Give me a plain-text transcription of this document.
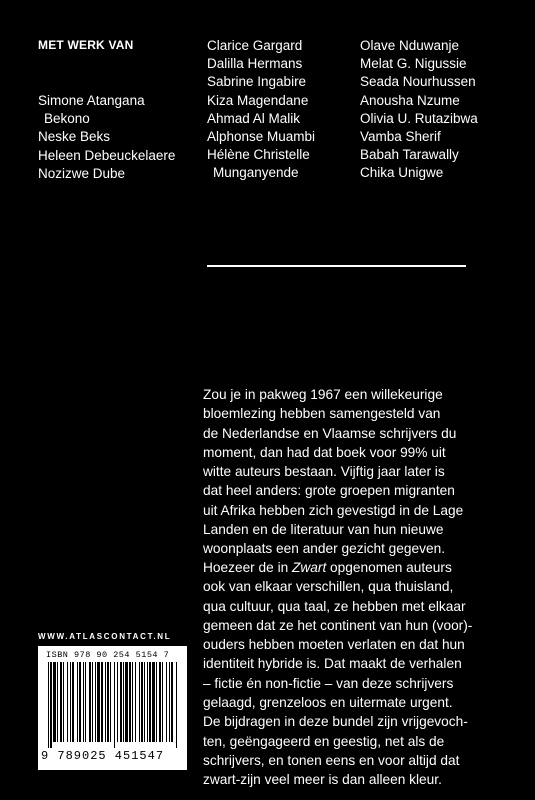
MET WERK VAN
Simone Atangana
Bekono
Neske Beks
Heleen Debeuckelaere
Nozizwe Dube
Clarice Gargard
Dalilla Hermans
Sabrine Ingabire
Kiza Magendane
Ahmad Al Malik
Alphonse Muambi
Hélène Christelle
Munganyende
Olave Nduwanje
Melat G. Nigussie
Seada Nourhussen
Anousha Nzume
Olivia U. Rutazibwa
Vamba Sherif
Babah Tarawally
Chika Unigwe
Zou je in pakweg 1967 een willekeurige
bloemlezing hebben samengesteld van
de Nederlandse en Vlaamse schrijvers du
moment, dan had dat boek voor 99% uit
witte auteurs bestaan. Vijftig jaar later is
dat heel anders: grote groepen migranten
uit Afrika hebben zich gevestigd in de Lage
Landen en de literatuur van hun nieuwe
woonplaats een ander gezicht gegeven.
Hoezeer de in Zwart opgenomen auteurs
ook van elkaar verschillen, qua thuisland,
qua cultuur, qua taal, ze hebben met elkaar
gemeen dat ze het continent van hun (voor)-
ouders hebben moeten verlaten en dat hun
identiteit hybride is. Dat maakt de verhalen
– fictie én non-fictie – van deze schrijvers
gelaagd, grenzeloos en uitermate urgent.
De bijdragen in deze bundel zijn vrijgevoch-
ten, geëngageerd en geestig, net als de
schrijvers, en tonen eens en voor altijd dat
zwart-zijn veel meer is dan alleen kleur.
WWW.ATLASCONTACT.NL
ISBN 978 90 254 5154 7
9 789025 451547
